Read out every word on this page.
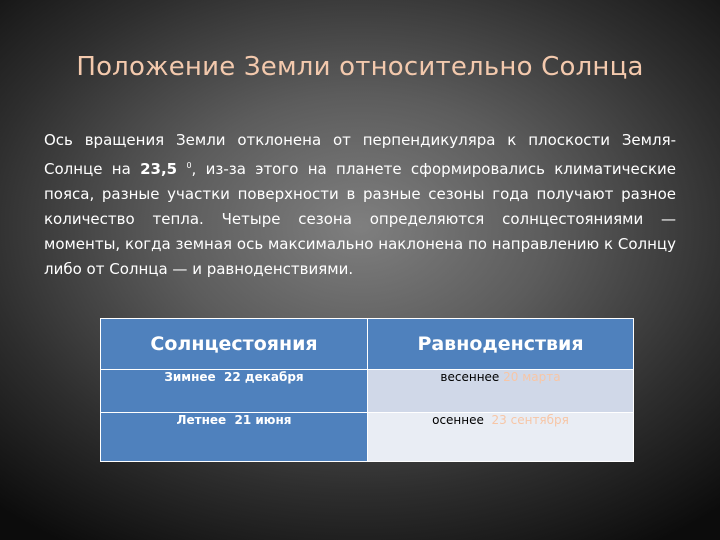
Положение Земли относительно Солнца
Ось вращения Земли отклонена от перпендикуляра к плоскости Земля-Солнце на 23,5 $^0$, из-за этого на планете сформировались климатические пояса, разные участки поверхности в разные сезоны года получают разное количество тепла. Четыре сезона определяются солнцестояниями — моменты, когда земная ось максимально наклонена по направлению к Солнцу либо от Солнца — и равноденствиями.
Солнцестояния	Равноденствия
Зимнее 22 декабря	весеннее 20 марта
Летнее 21 июня	осеннее 23 сентября
